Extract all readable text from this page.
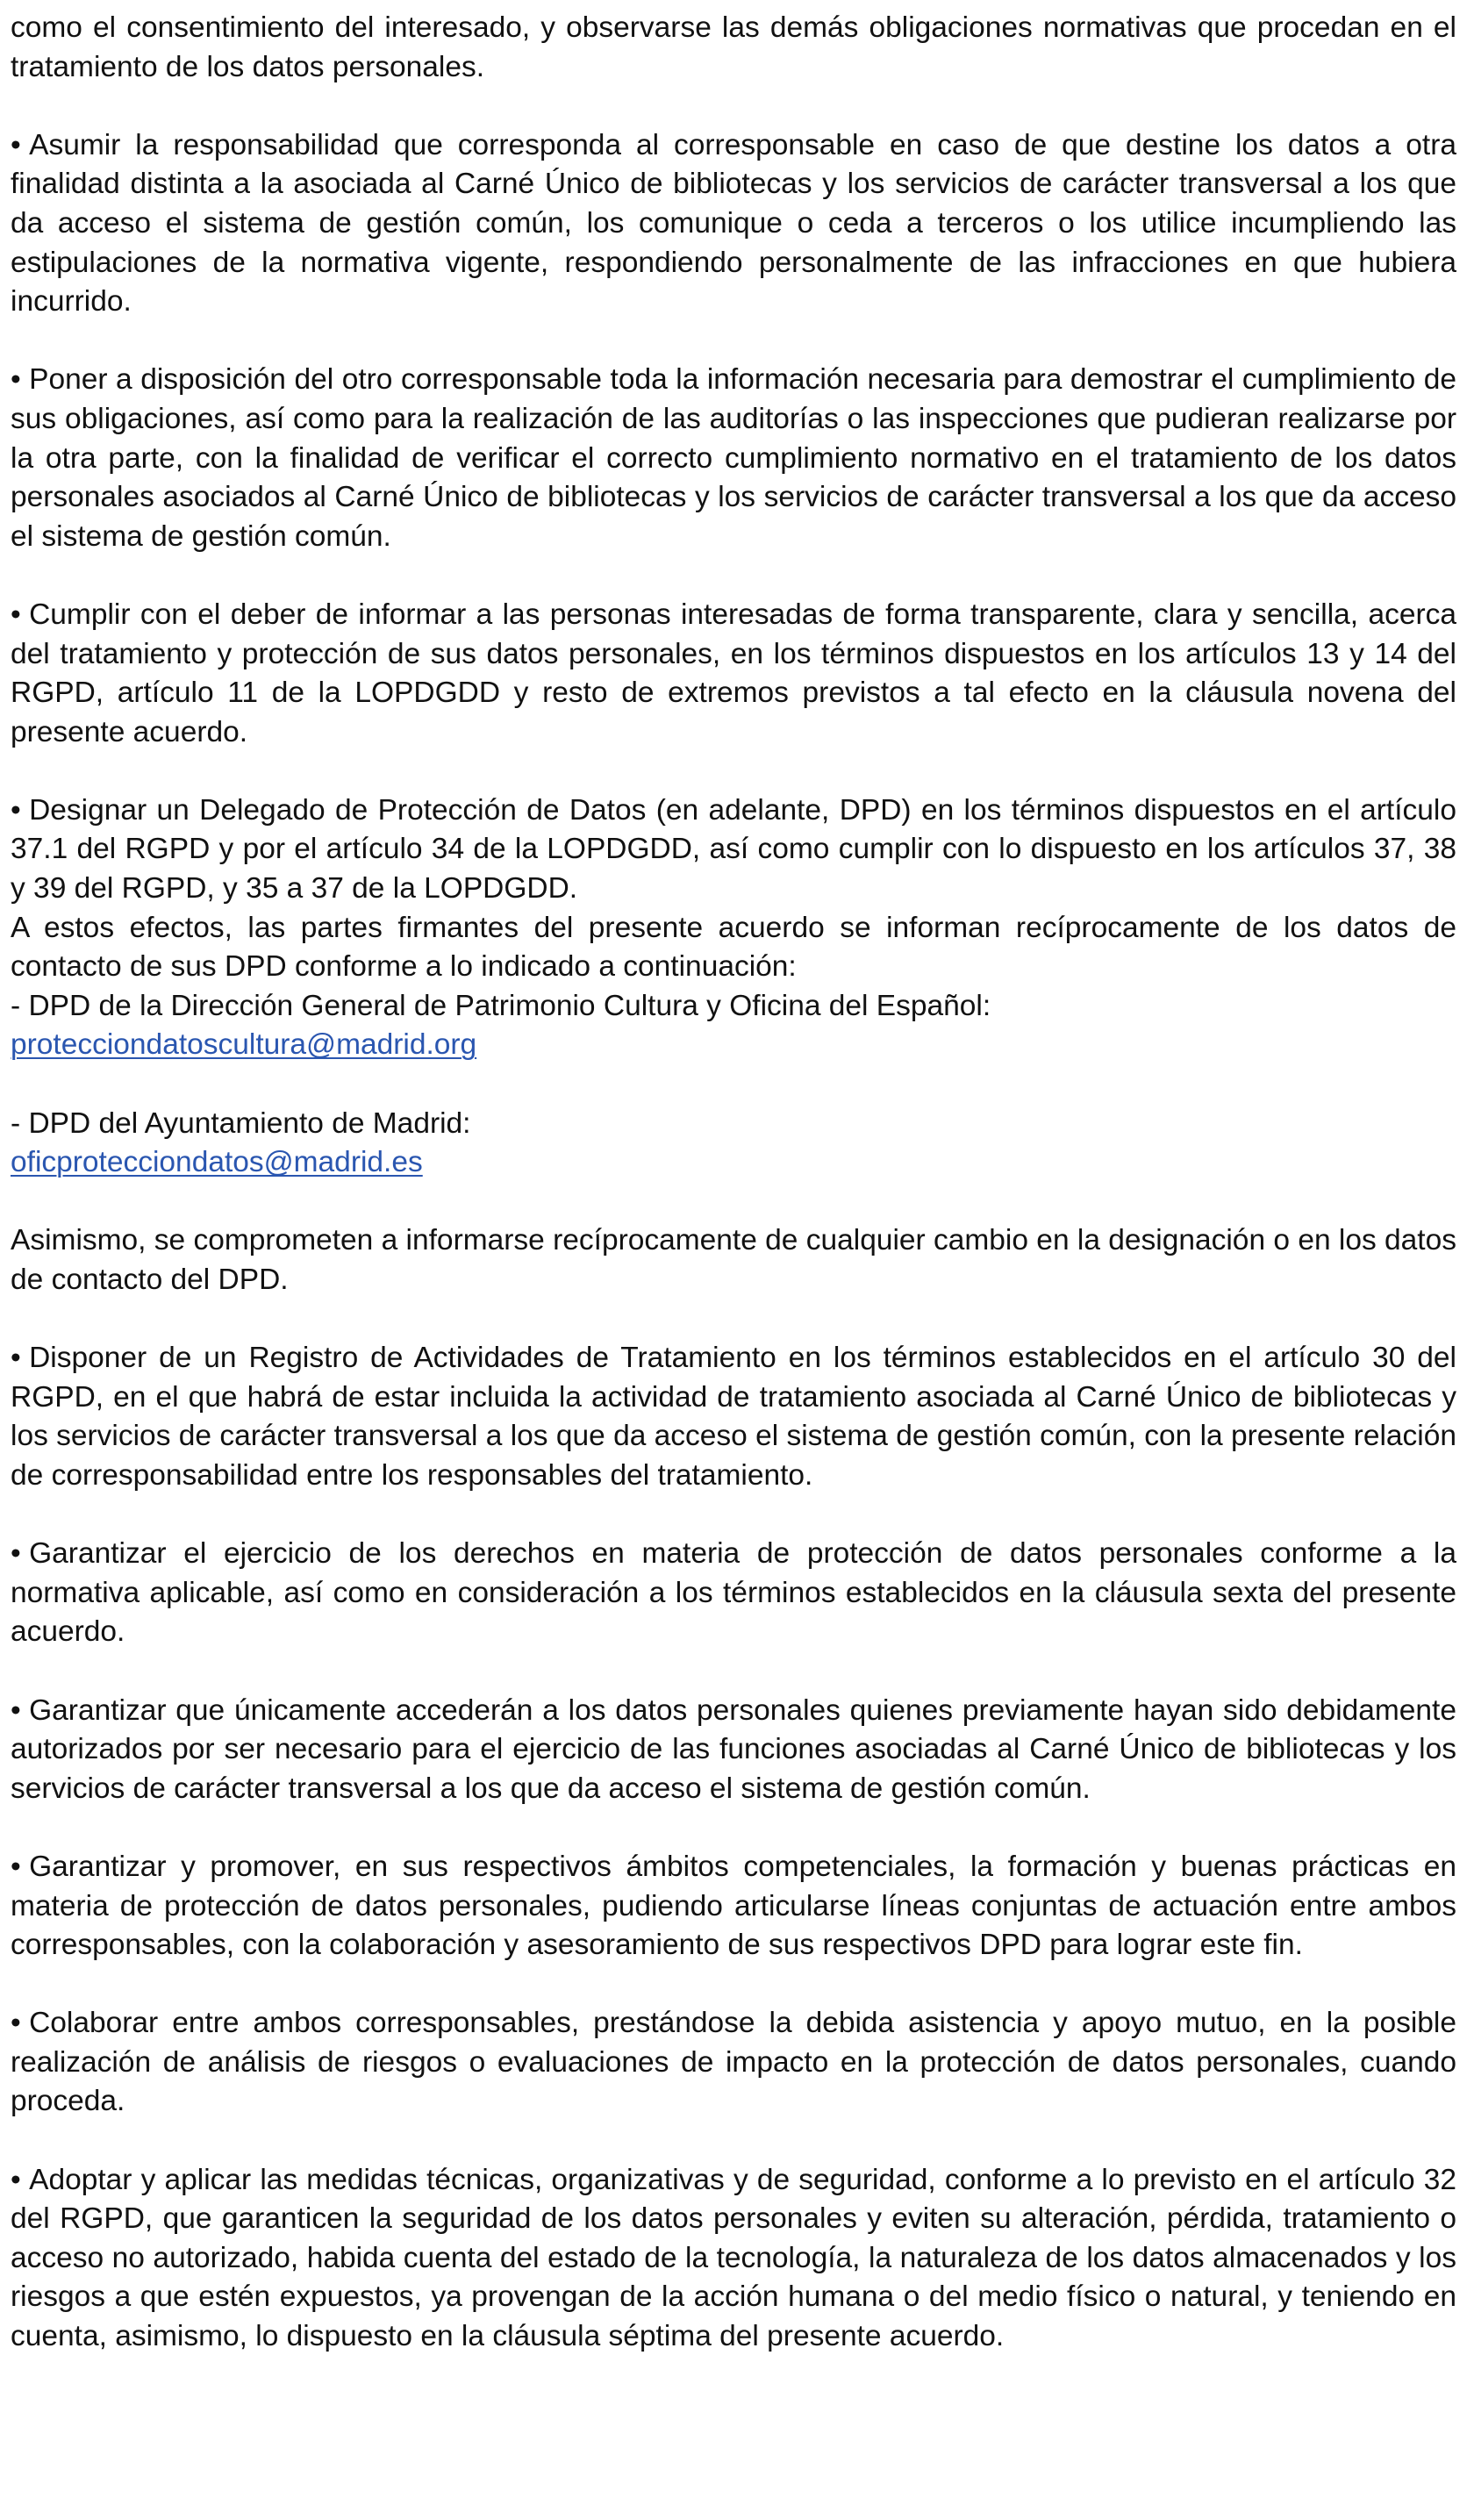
como el consentimiento del interesado, y observarse las demás obligaciones normativas que procedan en el tratamiento de los datos personales.

• Asumir la responsabilidad que corresponda al corresponsable en caso de que destine los datos a otra finalidad distinta a la asociada al Carné Único de bibliotecas y los servicios de carácter transversal a los que da acceso el sistema de gestión común, los comunique o ceda a terceros o los utilice incumpliendo las estipulaciones de la normativa vigente, respondiendo personalmente de las infracciones en que hubiera incurrido.

• Poner a disposición del otro corresponsable toda la información necesaria para demostrar el cumplimiento de sus obligaciones, así como para la realización de las auditorías o las inspecciones que pudieran realizarse por la otra parte, con la finalidad de verificar el correcto cumplimiento normativo en el tratamiento de los datos personales asociados al Carné Único de bibliotecas y los servicios de carácter transversal a los que da acceso el sistema de gestión común.

• Cumplir con el deber de informar a las personas interesadas de forma transparente, clara y sencilla, acerca del tratamiento y protección de sus datos personales, en los términos dispuestos en los artículos 13 y 14 del RGPD, artículo 11 de la LOPDGDD y resto de extremos previstos a tal efecto en la cláusula novena del presente acuerdo.

• Designar un Delegado de Protección de Datos (en adelante, DPD) en los términos dispuestos en el artículo 37.1 del RGPD y por el artículo 34 de la LOPDGDD, así como cumplir con lo dispuesto en los artículos 37, 38 y 39 del RGPD, y 35 a 37 de la LOPDGDD.

A estos efectos, las partes firmantes del presente acuerdo se informan recíprocamente de los datos de contacto de sus DPD conforme a lo indicado a continuación:

- DPD de la Dirección General de Patrimonio Cultura y Oficina del Español:

protecciondatoscultura@madrid.org

- DPD del Ayuntamiento de Madrid:

oficprotecciondatos@madrid.es

Asimismo, se comprometen a informarse recíprocamente de cualquier cambio en la designación o en los datos de contacto del DPD.

• Disponer de un Registro de Actividades de Tratamiento en los términos establecidos en el artículo 30 del RGPD, en el que habrá de estar incluida la actividad de tratamiento asociada al Carné Único de bibliotecas y los servicios de carácter transversal a los que da acceso el sistema de gestión común, con la presente relación de corresponsabilidad entre los responsables del tratamiento.

• Garantizar el ejercicio de los derechos en materia de protección de datos personales conforme a la normativa aplicable, así como en consideración a los términos establecidos en la cláusula sexta del presente acuerdo.

• Garantizar que únicamente accederán a los datos personales quienes previamente hayan sido debidamente autorizados por ser necesario para el ejercicio de las funciones asociadas al Carné Único de bibliotecas y los servicios de carácter transversal a los que da acceso el sistema de gestión común.

• Garantizar y promover, en sus respectivos ámbitos competenciales, la formación y buenas prácticas en materia de protección de datos personales, pudiendo articularse líneas conjuntas de actuación entre ambos corresponsables, con la colaboración y asesoramiento de sus respectivos DPD para lograr este fin.

• Colaborar entre ambos corresponsables, prestándose la debida asistencia y apoyo mutuo, en la posible realización de análisis de riesgos o evaluaciones de impacto en la protección de datos personales, cuando proceda.

• Adoptar y aplicar las medidas técnicas, organizativas y de seguridad, conforme a lo previsto en el artículo 32 del RGPD, que garanticen la seguridad de los datos personales y eviten su alteración, pérdida, tratamiento o acceso no autorizado, habida cuenta del estado de la tecnología, la naturaleza de los datos almacenados y los riesgos a que estén expuestos, ya provengan de la acción humana o del medio físico o natural, y teniendo en cuenta, asimismo, lo dispuesto en la cláusula séptima del presente acuerdo.
